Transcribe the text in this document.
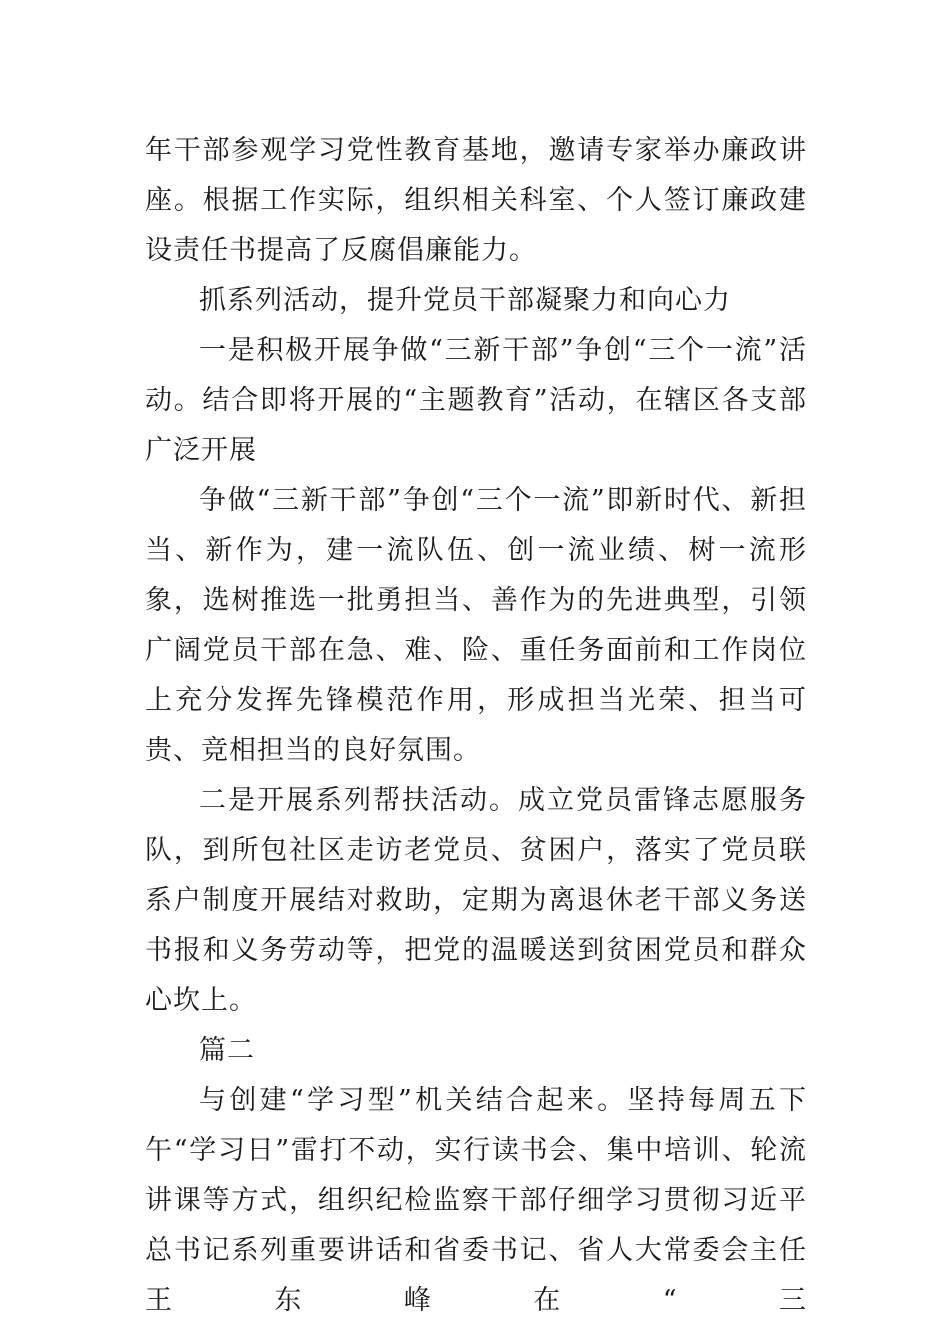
年干部参观学习党性教育基地，邀请专家举办廉政讲座。根据工作实际，组织相关科室、个人签订廉政建设责任书提高了反腐倡廉能力。

抓系列活动，提升党员干部凝聚力和向心力

一是积极开展争做“三新干部”争创“三个一流”活动。结合即将开展的“主题教育”活动，在辖区各支部广泛开展

争做“三新干部”争创“三个一流”即新时代、新担当、新作为，建一流队伍、创一流业绩、树一流形象，选树推选一批勇担当、善作为的先进典型，引领广阔党员干部在急、难、险、重任务面前和工作岗位上充分发挥先锋模范作用，形成担当光荣、担当可贵、竞相担当的良好氛围。

二是开展系列帮扶活动。成立党员雷锋志愿服务队，到所包社区走访老党员、贫困户，落实了党员联系户制度开展结对救助，定期为离退休老干部义务送书报和义务劳动等，把党的温暖送到贫困党员和群众心坎上。

篇二

与创建“学习型”机关结合起来。坚持每周五下午“学习日”雷打不动，实行读书会、集中培训、轮流讲课等方式，组织纪检监察干部仔细学习贯彻习近平总书记系列重要讲话和省委书记、省人大常委会主任王东峰在“三
